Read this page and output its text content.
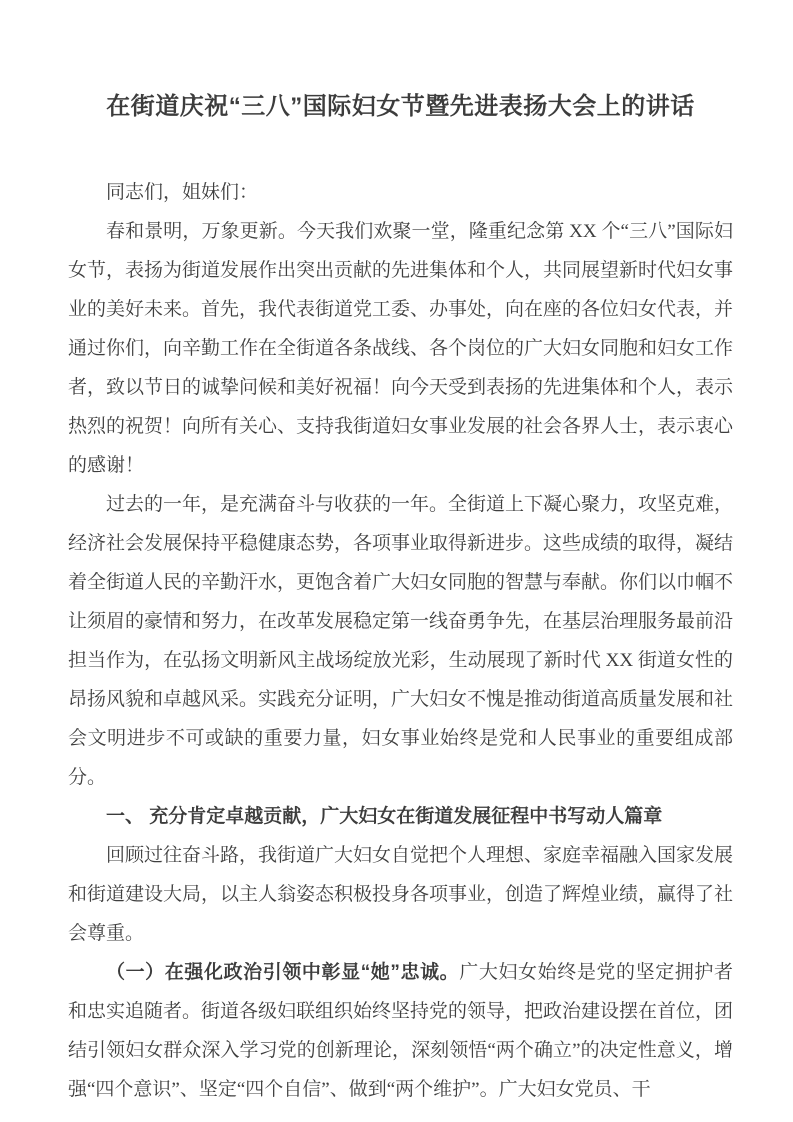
在街道庆祝“三八”国际妇女节暨先进表扬大会上的讲话

同志们，姐妹们：

春和景明，万象更新。今天我们欢聚一堂，隆重纪念第 XX 个“三八”国际妇女节，表扬为街道发展作出突出贡献的先进集体和个人，共同展望新时代妇女事业的美好未来。首先，我代表街道党工委、办事处，向在座的各位妇女代表，并通过你们，向辛勤工作在全街道各条战线、各个岗位的广大妇女同胞和妇女工作者，致以节日的诚挚问候和美好祝福！向今天受到表扬的先进集体和个人，表示热烈的祝贺！向所有关心、支持我街道妇女事业发展的社会各界人士，表示衷心的感谢！

过去的一年，是充满奋斗与收获的一年。全街道上下凝心聚力，攻坚克难，经济社会发展保持平稳健康态势，各项事业取得新进步。这些成绩的取得，凝结着全街道人民的辛勤汗水，更饱含着广大妇女同胞的智慧与奉献。你们以巾帼不让须眉的豪情和努力，在改革发展稳定第一线奋勇争先，在基层治理服务最前沿担当作为，在弘扬文明新风主战场绽放光彩，生动展现了新时代 XX 街道女性的昂扬风貌和卓越风采。实践充分证明，广大妇女不愧是推动街道高质量发展和社会文明进步不可或缺的重要力量，妇女事业始终是党和人民事业的重要组成部分。

一、 充分肯定卓越贡献，广大妇女在街道发展征程中书写动人篇章

回顾过往奋斗路，我街道广大妇女自觉把个人理想、家庭幸福融入国家发展和街道建设大局，以主人翁姿态积极投身各项事业，创造了辉煌业绩，赢得了社会尊重。

（一）在强化政治引领中彰显“她”忠诚。广大妇女始终是党的坚定拥护者和忠实追随者。街道各级妇联组织始终坚持党的领导，把政治建设摆在首位，团结引领妇女群众深入学习党的创新理论，深刻领悟“两个确立”的决定性意义，增强“四个意识”、坚定“四个自信”、做到“两个维护”。广大妇女党员、干
